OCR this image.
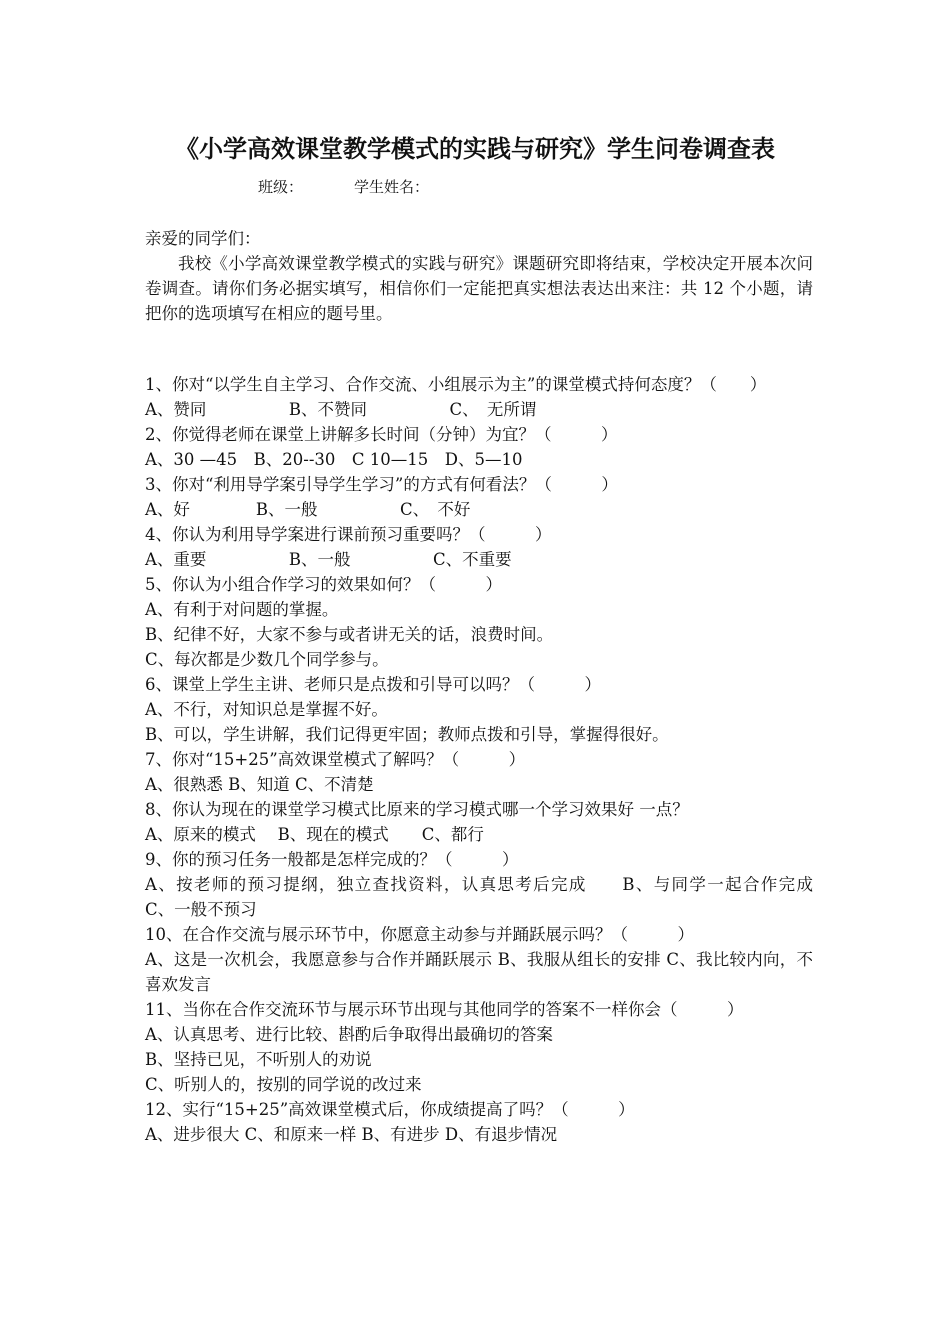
《小学高效课堂教学模式的实践与研究》学生问卷调查表
班级：	学生姓名：
亲爱的同学们：

我校《小学高效课堂教学模式的实践与研究》课题研究即将结束，学校决定开展本次问卷调查。请你们务必据实填写，相信你们一定能把真实想法表达出来注：共 12 个小题，请把你的选项填写在相应的题号里。

1、你对“以学生自主学习、合作交流、小组展示为主”的课堂模式持何态度？（　　）
A、赞同　　　　　B、不赞同　　　　　C、　无所谓
2、你觉得老师在课堂上讲解多长时间（分钟）为宜？（　　　）
A、30 —45　B、20--30　C 10—15　D、5—10
3、你对“利用导学案引导学生学习”的方式有何看法？（　　　）
A、好　　　　B、一般　　　　　C、　不好
4、你认为利用导学案进行课前预习重要吗？（　　　）
A、重要　　　　　B、一般　　　　　C、不重要
5、你认为小组合作学习的效果如何？（　　　）
A、有利于对问题的掌握。
B、纪律不好，大家不参与或者讲无关的话，浪费时间。
C、每次都是少数几个同学参与。
6、课堂上学生主讲、老师只是点拨和引导可以吗？（　　　）
A、不行，对知识总是掌握不好。
B、可以，学生讲解，我们记得更牢固；教师点拨和引导，掌握得很好。
7、你对“15+25”高效课堂模式了解吗？（　　　）
A、很熟悉 B、知道 C、不清楚
8、你认为现在的课堂学习模式比原来的学习模式哪一个学习效果好 一点？
A、原来的模式　 B、现在的模式　　C、都行
9、你的预习任务一般都是怎样完成的？（　　　）
A、按老师的预习提纲，独立查找资料，认真思考后完成　　B、与同学一起合作完成　　C、一般不预习
10、在合作交流与展示环节中，你愿意主动参与并踊跃展示吗？（　　　）
A、这是一次机会，我愿意参与合作并踊跃展示 B、我服从组长的安排 C、我比较内向，不喜欢发言
11、当你在合作交流环节与展示环节出现与其他同学的答案不一样你会（　　　）
A、认真思考、进行比较、斟酌后争取得出最确切的答案
B、坚持已见，不听别人的劝说
C、听别人的，按别的同学说的改过来
12、实行“15+25”高效课堂模式后，你成绩提高了吗？（　　　）
A、进步很大 C、和原来一样 B、有进步 D、有退步情况
